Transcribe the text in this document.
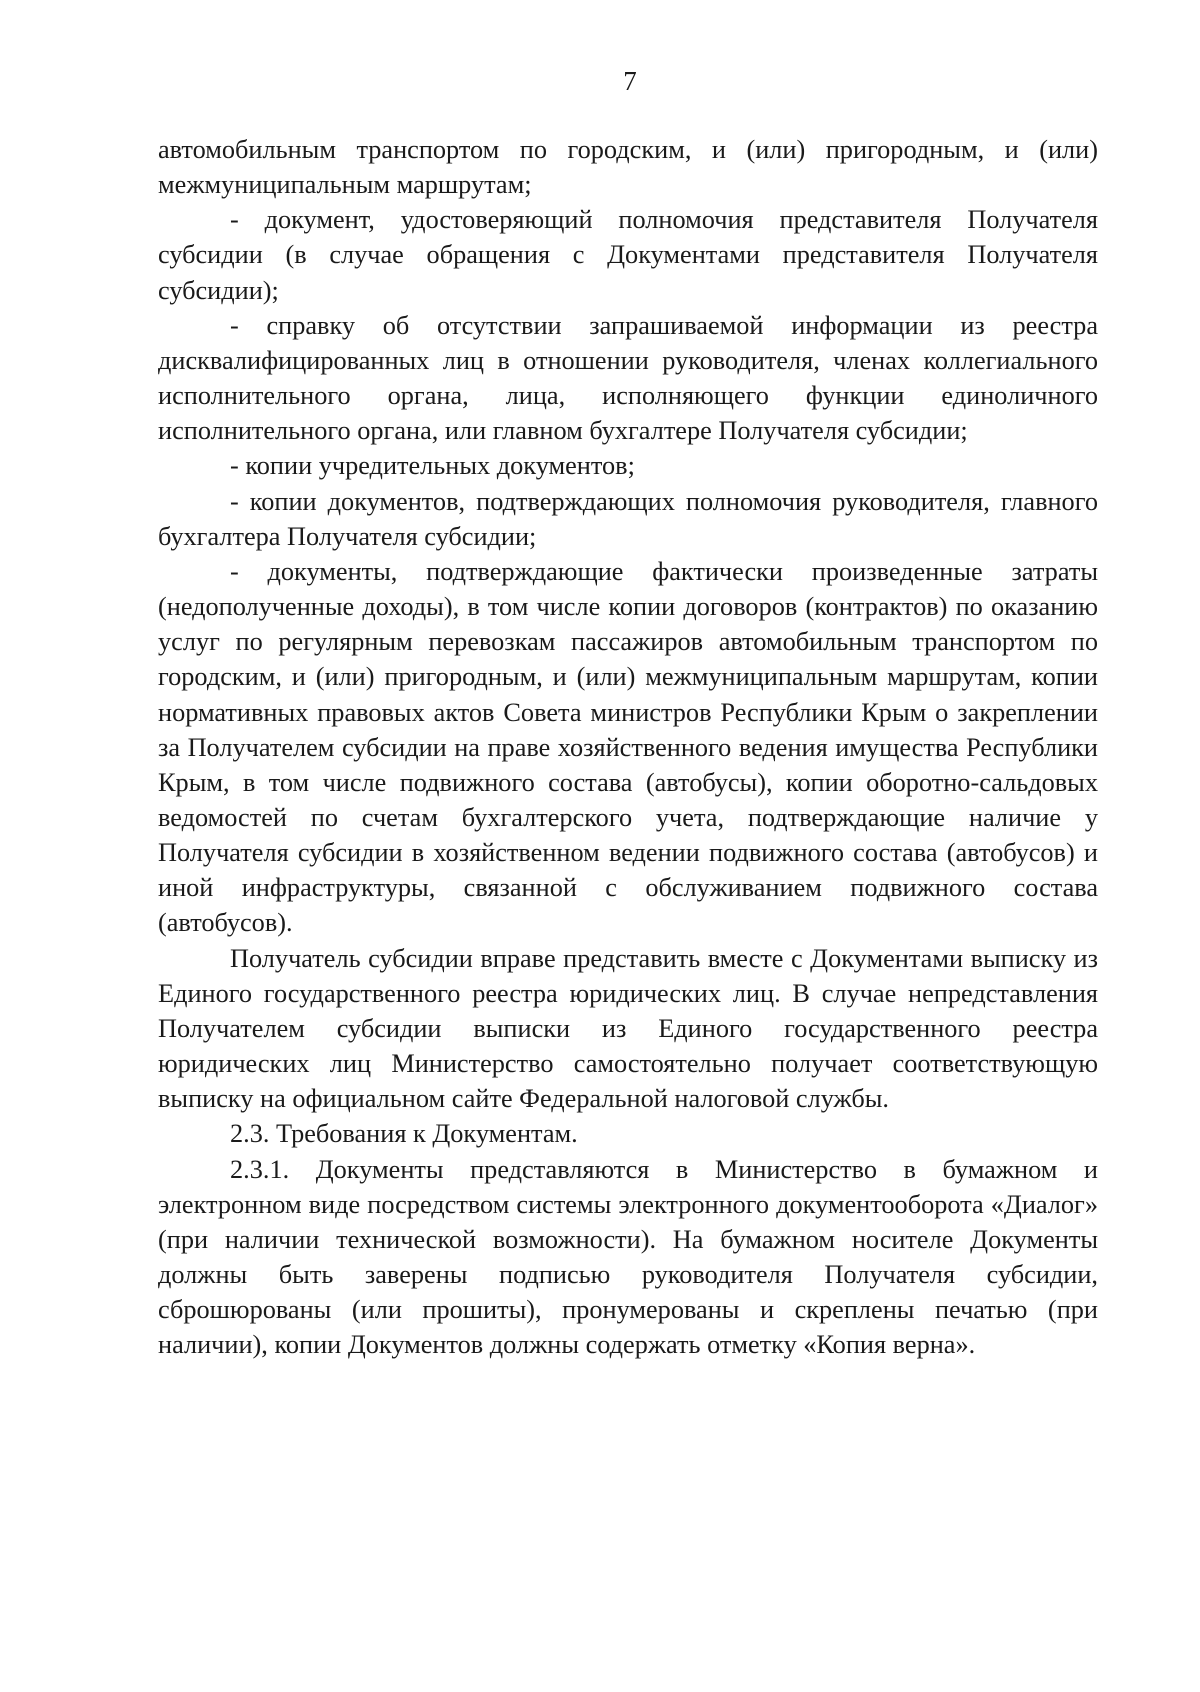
7

автомобильным транспортом по городским, и (или) пригородным, и (или) межмуниципальным маршрутам;

- документ, удостоверяющий полномочия представителя Получателя субсидии (в случае обращения с Документами представителя Получателя субсидии);

- справку об отсутствии запрашиваемой информации из реестра дисквалифицированных лиц в отношении руководителя, членах коллегиального исполнительного органа, лица, исполняющего функции единоличного исполнительного органа, или главном бухгалтере Получателя субсидии;

- копии учредительных документов;

- копии документов, подтверждающих полномочия руководителя, главного бухгалтера Получателя субсидии;

- документы, подтверждающие фактически произведенные затраты (недополученные доходы), в том числе копии договоров (контрактов) по оказанию услуг по регулярным перевозкам пассажиров автомобильным транспортом по городским, и (или) пригородным, и (или) межмуниципальным маршрутам, копии нормативных правовых актов Совета министров Республики Крым о закреплении за Получателем субсидии на праве хозяйственного ведения имущества Республики Крым, в том числе подвижного состава (автобусы), копии оборотно-сальдовых ведомостей по счетам бухгалтерского учета, подтверждающие наличие у Получателя субсидии в хозяйственном ведении подвижного состава (автобусов) и иной инфраструктуры, связанной с обслуживанием подвижного состава (автобусов).

Получатель субсидии вправе представить вместе с Документами выписку из Единого государственного реестра юридических лиц. В случае непредставления Получателем субсидии выписки из Единого государственного реестра юридических лиц Министерство самостоятельно получает соответствующую выписку на официальном сайте Федеральной налоговой службы.

2.3. Требования к Документам.

2.3.1. Документы представляются в Министерство в бумажном и электронном виде посредством системы электронного документооборота «Диалог» (при наличии технической возможности). На бумажном носителе Документы должны быть заверены подписью руководителя Получателя субсидии, сброшюрованы (или прошиты), пронумерованы и скреплены печатью (при наличии), копии Документов должны содержать отметку «Копия верна».
